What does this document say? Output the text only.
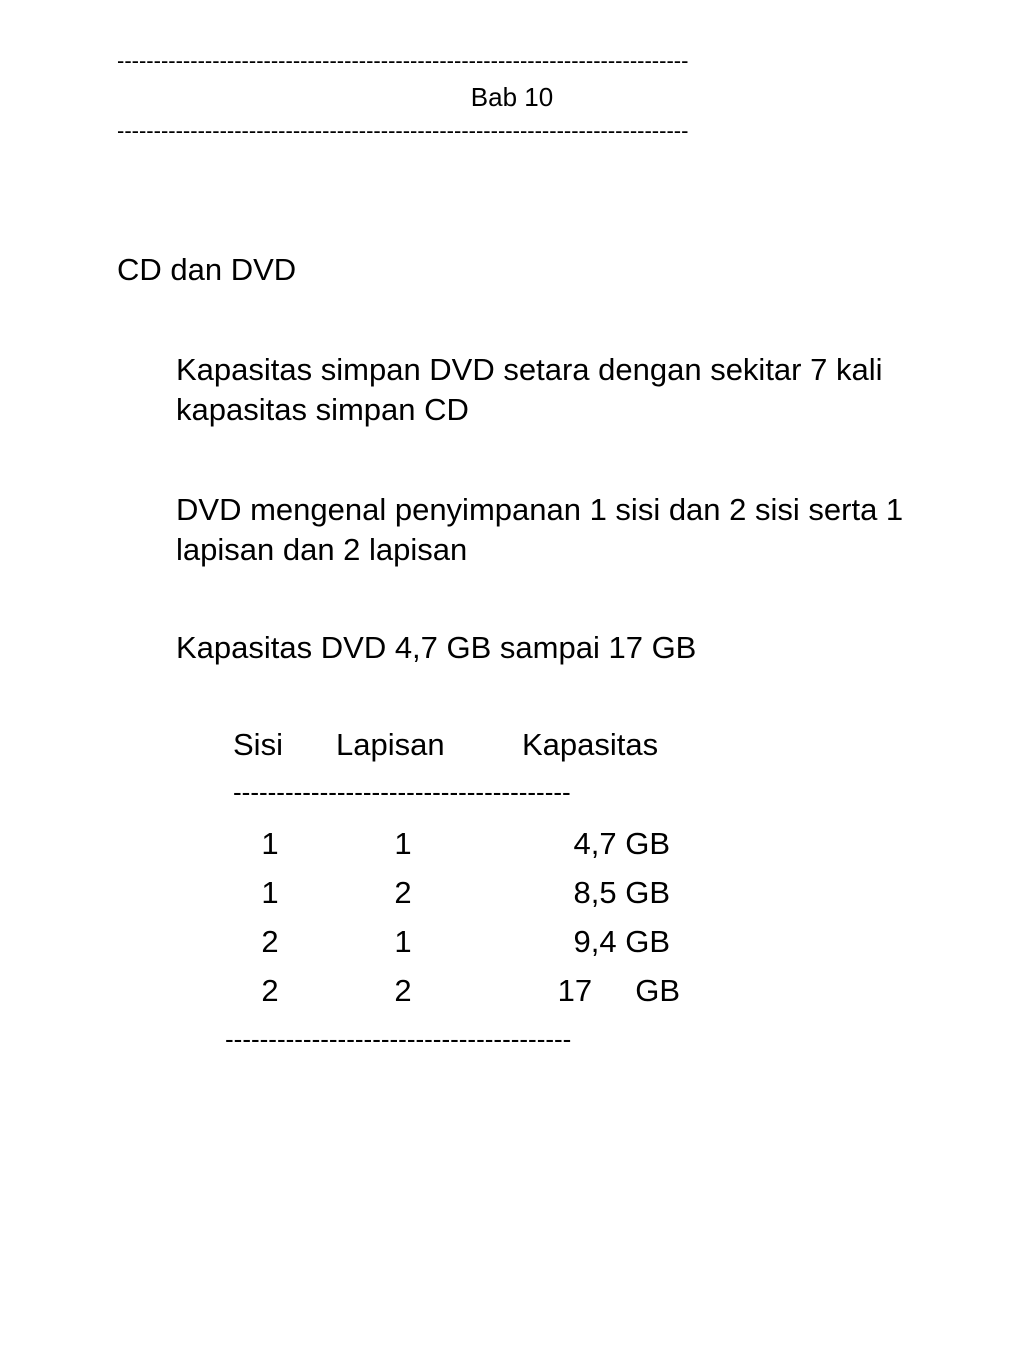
------------------------------------------------------------------------------
Bab 10
------------------------------------------------------------------------------
CD dan DVD
Kapasitas simpan DVD setara dengan sekitar 7 kali kapasitas simpan CD
DVD mengenal penyimpanan 1 sisi dan 2 sisi serta 1 lapisan dan 2 lapisan
Kapasitas DVD 4,7 GB sampai 17 GB
Sisi Lapisan Kapasitas
---------------------------------------
1	1	4,7 GB
1	2	8,5 GB
2	1	9,4 GB
2	2	17     GB
----------------------------------------
